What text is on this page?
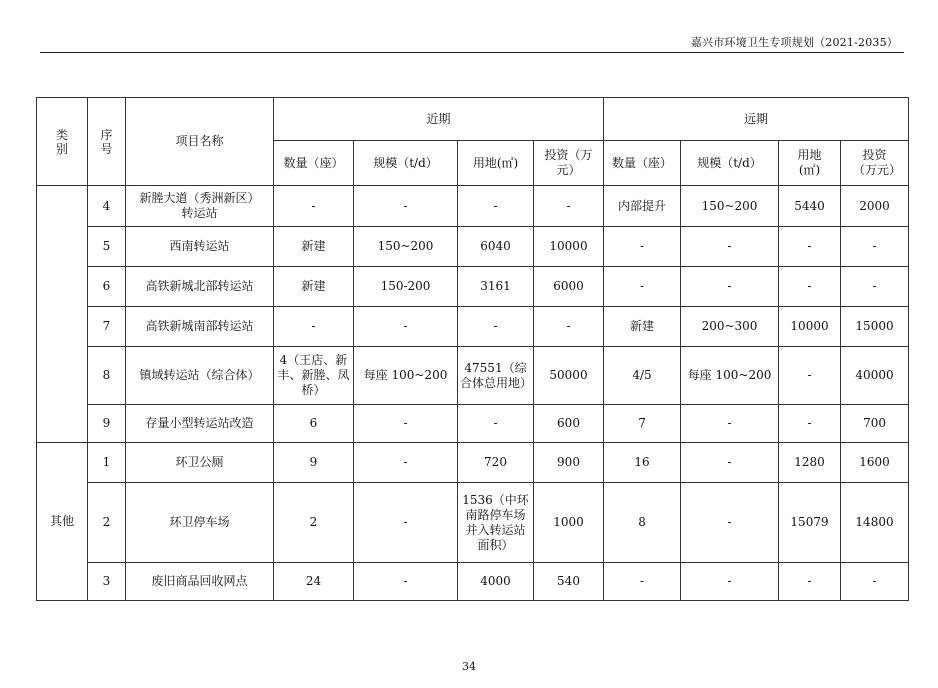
嘉兴市环境卫生专项规划（2021-2035）
类别	序号	项目名称	近期				远期			
			数量（座）	规模（t/d）	用地(㎡)	投资（万元）	数量（座）	规模（t/d）	用地(㎡)	投资（万元）
	4	新塍大道（秀洲新区）转运站	-	-	-	-	内部提升	150~200	5440	2000
	5	西南转运站	新建	150~200	6040	10000	-	-	-	-
	6	高铁新城北部转运站	新建	150-200	3161	6000	-	-	-	-
	7	高铁新城南部转运站	-	-	-	-	新建	200~300	10000	15000
	8	镇域转运站（综合体）	4（王店、新丰、新塍、凤桥）	每座 100~200	47551（综合体总用地）	50000	4/5	每座 100~200	-	40000
	9	存量小型转运站改造	6	-	-	600	7	-	-	700
其他	1	环卫公厕	9	-	720	900	16	-	1280	1600
	2	环卫停车场	2	-	1536（中环南路停车场并入转运站面积）	1000	8	-	15079	14800
	3	废旧商品回收网点	24	-	4000	540	-	-	-	-
34
